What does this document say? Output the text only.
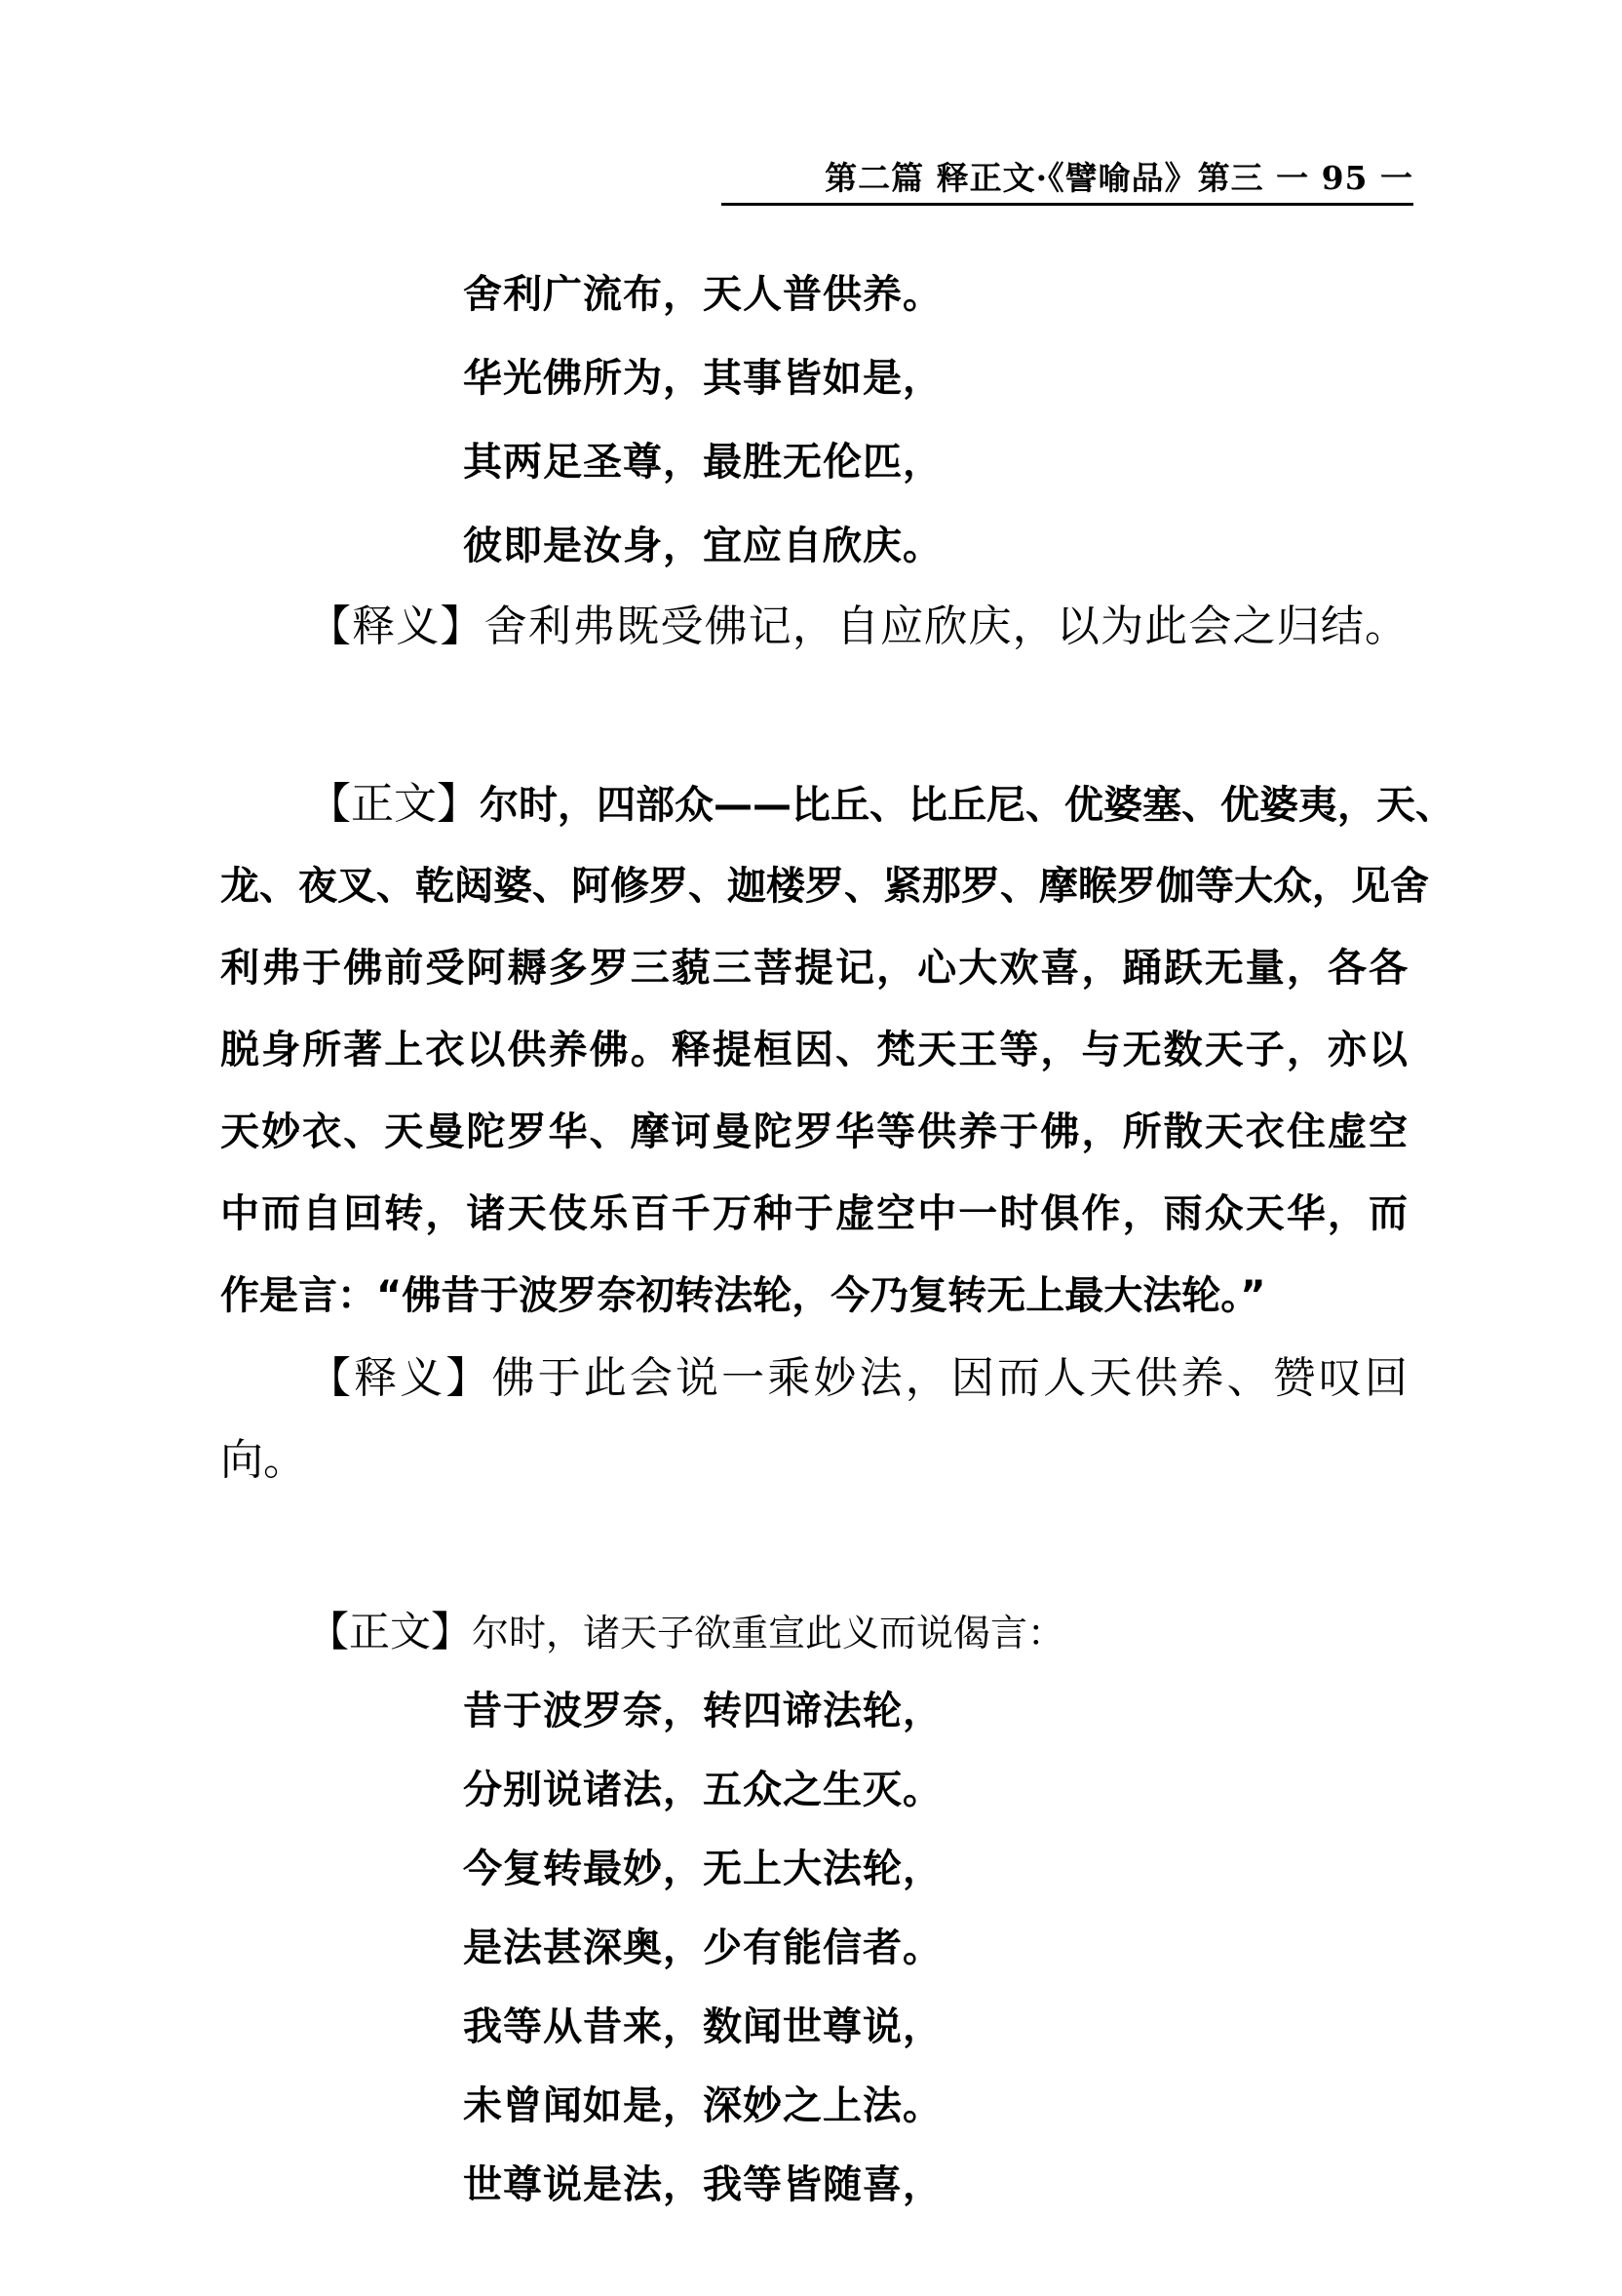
第二篇 释正文·《譬喻品》第三 一 95 一
舍利广流布，天人普供养。
华光佛所为，其事皆如是，
其两足圣尊，最胜无伦匹，
彼即是汝身，宜应自欣庆。
【释义】舍利弗既受佛记，自应欣庆，以为此会之归结。
【正文】尔时，四部众——比丘、比丘尼、优婆塞、优婆夷，天、
龙、夜叉、乾闼婆、阿修罗、迦楼罗、紧那罗、摩睺罗伽等大众，见舍
利弗于佛前受阿耨多罗三藐三菩提记，心大欢喜，踊跃无量，各各
脱身所著上衣以供养佛。释提桓因、梵天王等，与无数天子，亦以
天妙衣、天曼陀罗华、摩诃曼陀罗华等供养于佛，所散天衣住虚空
中而自回转，诸天伎乐百千万种于虚空中一时俱作，雨众天华，而
作是言：“佛昔于波罗奈初转法轮，今乃复转无上最大法轮。”
【释义】佛于此会说一乘妙法，因而人天供养、赞叹回
向。
【正文】尔时，诸天子欲重宣此义而说偈言：
昔于波罗奈，转四谛法轮，
分别说诸法，五众之生灭。
今复转最妙，无上大法轮，
是法甚深奥，少有能信者。
我等从昔来，数闻世尊说，
未曾闻如是，深妙之上法。
世尊说是法，我等皆随喜，
